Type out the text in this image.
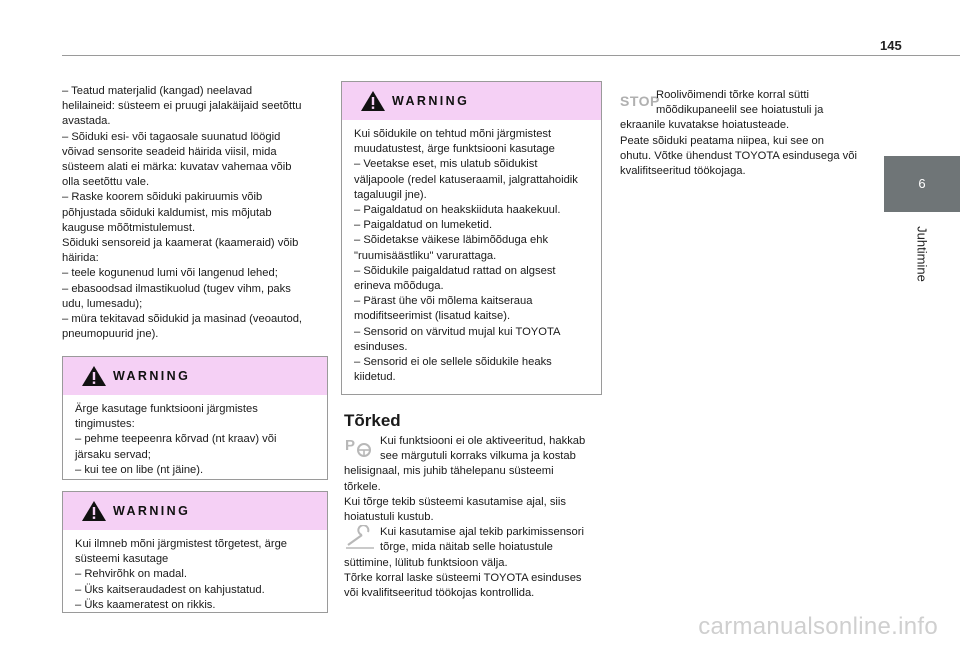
145
6
Juhtimine

– Teatud materjalid (kangad) neelavad

helilaineid: süsteem ei pruugi jalakäijaid seetõttu

avastada.

– Sõiduki esi- või tagaosale suunatud löögid

võivad sensorite seadeid häirida viisil, mida

süsteem alati ei märka: kuvatav vahemaa võib

olla seetõttu vale.

– Raske koorem sõiduki pakiruumis võib

põhjustada sõiduki kaldumist, mis mõjutab

kauguse mõõtmistulemust.

Sõiduki sensoreid ja kaamerat (kaameraid) võib

häirida:

– teele kogunenud lumi või langenud lehed;

– ebasoodsad ilmastikuolud (tugev vihm, paks

udu, lumesadu);

– müra tekitavad sõidukid ja masinad (veoautod,

pneumopuurid jne).

WARNING

Ärge kasutage funktsiooni järgmistes

tingimustes:

– pehme teepeenra kõrvad (nt kraav) või

järsaku servad;

– kui tee on libe (nt jäine).

WARNING

Kui ilmneb mõni järgmistest tõrgetest, ärge

süsteemi kasutage

– Rehvirõhk on madal.

– Üks kaitseraudadest on kahjustatud.

– Üks kaameratest on rikkis.

WARNING

Kui sõidukile on tehtud mõni järgmistest

muudatustest, ärge funktsiooni kasutage

– Veetakse eset, mis ulatub sõidukist

väljapoole (redel katuseraamil, jalgrattahoidik

tagaluugil jne).

– Paigaldatud on heakskiiduta haakekuul.

– Paigaldatud on lumeketid.

– Sõidetakse väikese läbimõõduga ehk

"ruumisäästliku" varurattaga.

– Sõidukile paigaldatud rattad on algsest

erineva mõõduga.

– Pärast ühe või mõlema kaitseraua

modifitseerimist (lisatud kaitse).

– Sensorid on värvitud mujal kui TOYOTA

esinduses.

– Sensorid ei ole sellele sõidukile heaks

kiidetud.

Tõrked
P Kui funktsiooni ei ole aktiveeritud, hakkab

see märgutuli korraks vilkuma ja kostab

helisignaal, mis juhib tähelepanu süsteemi

tõrkele.

Kui tõrge tekib süsteemi kasutamise ajal, siis

hoiatustuli kustub.

Kui kasutamise ajal tekib parkimissensori

tõrge, mida näitab selle hoiatustule

süttimine, lülitub funktsioon välja.

Tõrke korral laske süsteemi TOYOTA esinduses

või kvalifitseeritud töökojas kontrollida.

STOP

Roolivõimendi tõrke korral sütti

mõõdikupaneelil see hoiatustuli ja

ekraanile kuvatakse hoiatustеade.

Peate sõiduki peatama niipea, kui see on

ohutu. Võtke ühendust TOYOTA esindusega või

kvalifitseeritud töökojaga.

carmanualsonline.info
